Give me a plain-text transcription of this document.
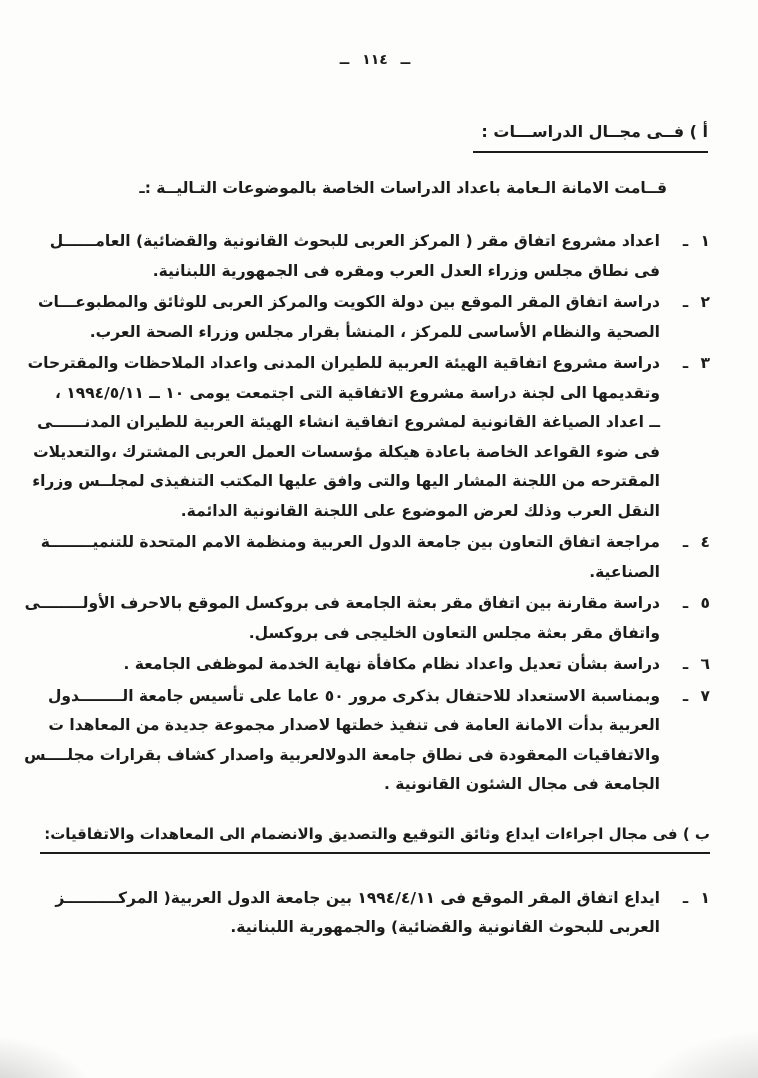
ــ ١١٤ ــ
أ ) فــى مجــال الدراســـات :

قــامت الامانة الـعامة باعداد الدراسات الخاصة بالموضوعات التـاليــة :ـ

١ ـ
اعداد مشروع اتفاق مقر ( المركز العربى للبحوث القانونية والقضائية) العامــــــل
فى نطاق مجلس وزراء العدل العرب ومقره فى الجمهورية اللبنانية.
٢ ـ
دراسة اتفاق المقر الموقع بين دولة الكويت والمركز العربى للوثائق والمطبوعـــات
الصحية والنظام الأساسى للمركز ، المنشأ بقرار مجلس وزراء الصحة العرب.
٣ ـ
دراسة مشروع اتفاقية الهيئة العربية للطيران المدنى واعداد الملاحظات والمقترحات
وتقديمها الى لجنة دراسة مشروع الاتفاقية التى اجتمعت يومى ١٠ ــ ١٩٩٤/٥/١١ ،
ــ اعداد الصياغة القانونية لمشروع اتفاقية انشاء الهيئة العربية للطيران المدنــــــى
فى ضوء القواعد الخاصة باعادة هيكلة مؤسسات العمل العربى المشترك ،والتعديلات
المقترحه من اللجنة المشار اليها والتى وافق عليها المكتب التنفيذى لمجلــس وزراء
النقل العرب وذلك لعرض الموضوع على اللجنة القانونية الدائمة.
٤ ـ
مراجعة اتفاق التعاون بين جامعة الدول العربية ومنظمة الامم المتحدة للتنميــــــــة
الصناعية.
٥ ـ
دراسة مقارنة بين اتفاق مقر بعثة الجامعة فى بروكسل الموقع بالاحرف الأولــــــــى
واتفاق مقر بعثة مجلس التعاون الخليجى فى بروكسل.
٦ ـ
دراسة بشأن تعديل واعداد نظام مكافأة نهاية الخدمة لموظفى الجامعة .
٧ ـ
وبمناسبة الاستعداد للاحتفال بذكرى مرور ٥٠ عاما على تأسيس جامعة الــــــــدول
العربية بدأت الامانة العامة فى تنفيذ خطتها لاصدار مجموعة جديدة من المعاهدا ت
والاتفاقيات المعقودة فى نطاق جامعة الدولالعربية واصدار كشاف بقرارات مجلــــس
الجامعة فى مجال الشئون القانونية .
ب ) فى مجال اجراءات ايداع وثائق التوقيع والتصديق والانضمام الى المعاهدات والاتفاقيات:
١ ـ
ايداع اتفاق المقر الموقع فى ١٩٩٤/٤/١١ بين جامعة الدول العربية( المركــــــــــز
العربى للبحوث القانونية والقضائية) والجمهورية اللبنانية.
